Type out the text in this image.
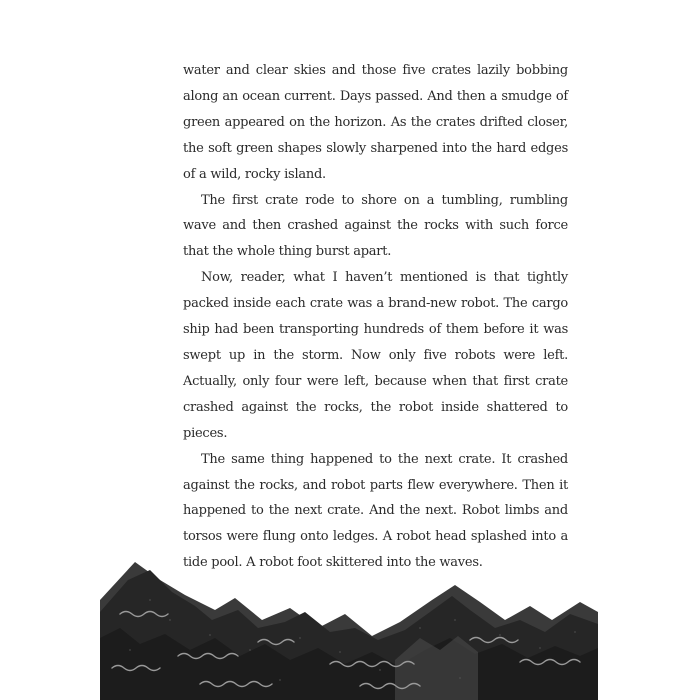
water and clear skies and those five crates lazily bobbing along an ocean current. Days passed. And then a smudge of green appeared on the horizon. As the crates drifted closer, the soft green shapes slowly sharpened into the hard edges of a wild, rocky island.

The first crate rode to shore on a tumbling, rumbling wave and then crashed against the rocks with such force that the whole thing burst apart.

Now, reader, what I haven’t mentioned is that tightly packed inside each crate was a brand-new robot. The cargo ship had been transporting hundreds of them before it was swept up in the storm. Now only five robots were left. Actually, only four were left, because when that first crate crashed against the rocks, the robot inside shattered to pieces.

The same thing happened to the next crate. It crashed against the rocks, and robot parts flew everywhere. Then it happened to the next crate. And the next. Robot limbs and torsos were flung onto ledges. A robot head splashed into a tide pool. A robot foot skittered into the waves.
